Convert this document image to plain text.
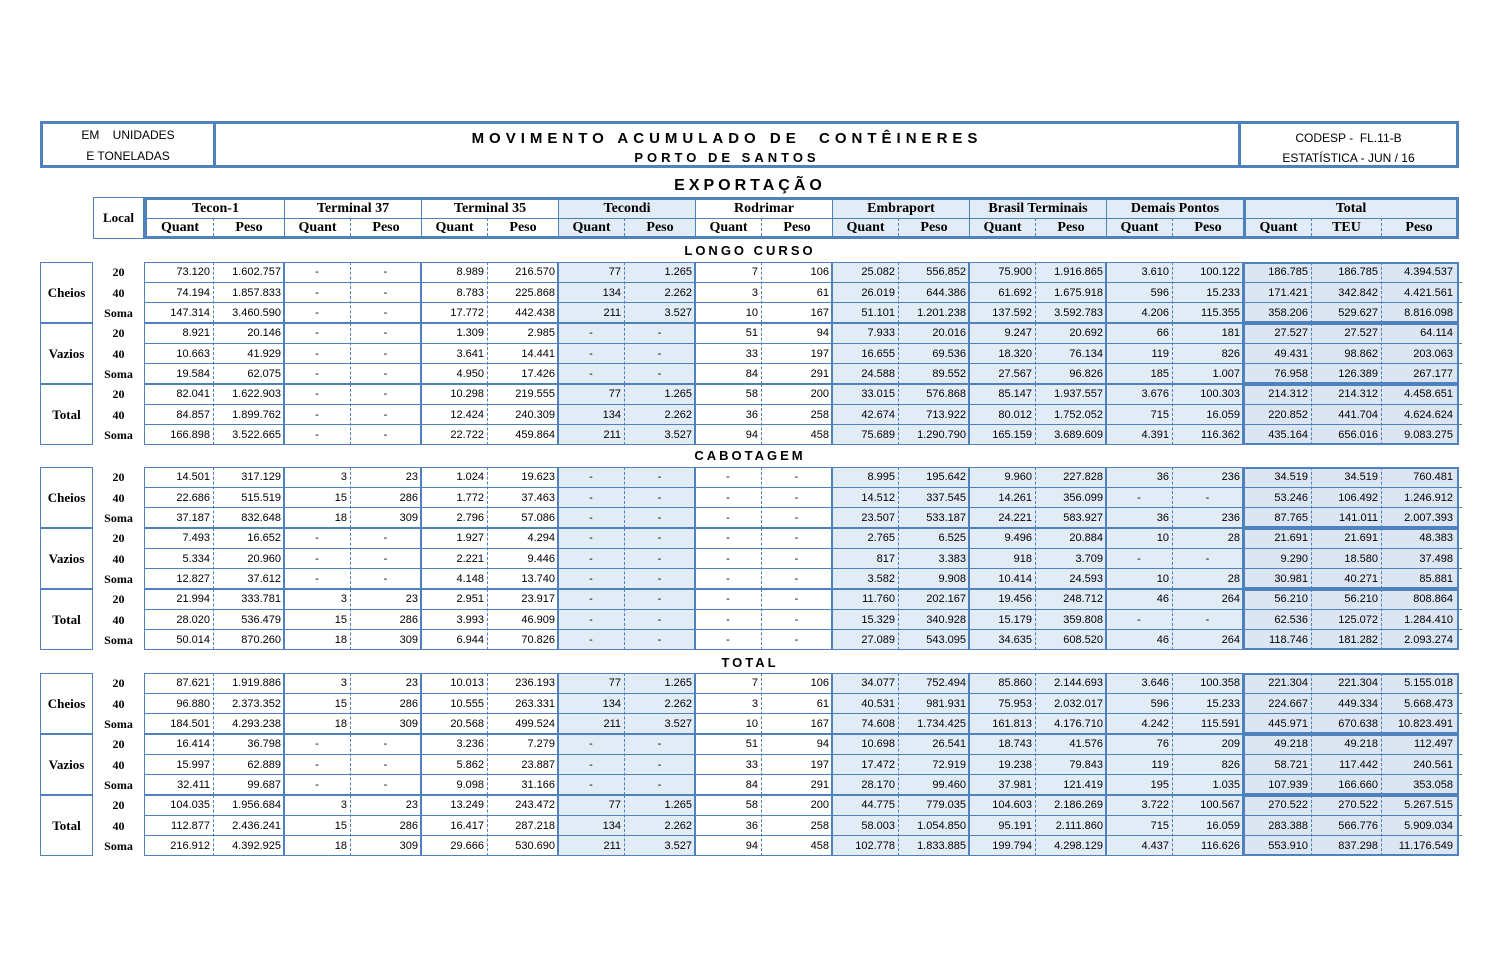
EM    UNIDADES
E TONELADAS
MOVIMENTO ACUMULADO DE  CONTÊINERES
PORTO DE SANTOS
CODESP -  FL.11-B
ESTATÍSTICA - JUN / 16
EXPORTAÇÃO
Local
Tecon-1	Terminal 37	Terminal 35	Tecondi	Rodrimar	Embraport	Brasil Terminais	Demais Pontos	Total
Quant	Peso	Quant	Peso	Quant	Peso	Quant	Peso	Quant	Peso	Quant	Peso	Quant	Peso	Quant	Peso	Quant	TEU	Peso
LONGO CURSO
Cheios
20	73.120	1.602.757	-	-	8.989	216.570	77	1.265	7	106	25.082	556.852	75.900	1.916.865	3.610	100.122	186.785	186.785	4.394.537
40	74.194	1.857.833	-	-	8.783	225.868	134	2.262	3	61	26.019	644.386	61.692	1.675.918	596	15.233	171.421	342.842	4.421.561
Soma	147.314	3.460.590	-	-	17.772	442.438	211	3.527	10	167	51.101	1.201.238	137.592	3.592.783	4.206	115.355	358.206	529.627	8.816.098
Vazios
20	8.921	20.146	-	-	1.309	2.985	-	-	51	94	7.933	20.016	9.247	20.692	66	181	27.527	27.527	64.114
40	10.663	41.929	-	-	3.641	14.441	-	-	33	197	16.655	69.536	18.320	76.134	119	826	49.431	98.862	203.063
Soma	19.584	62.075	-	-	4.950	17.426	-	-	84	291	24.588	89.552	27.567	96.826	185	1.007	76.958	126.389	267.177
Total
20	82.041	1.622.903	-	-	10.298	219.555	77	1.265	58	200	33.015	576.868	85.147	1.937.557	3.676	100.303	214.312	214.312	4.458.651
40	84.857	1.899.762	-	-	12.424	240.309	134	2.262	36	258	42.674	713.922	80.012	1.752.052	715	16.059	220.852	441.704	4.624.624
Soma	166.898	3.522.665	-	-	22.722	459.864	211	3.527	94	458	75.689	1.290.790	165.159	3.689.609	4.391	116.362	435.164	656.016	9.083.275
CABOTAGEM
Cheios
20	14.501	317.129	3	23	1.024	19.623	-	-	-	-	8.995	195.642	9.960	227.828	36	236	34.519	34.519	760.481
40	22.686	515.519	15	286	1.772	37.463	-	-	-	-	14.512	337.545	14.261	356.099	-	-	53.246	106.492	1.246.912
Soma	37.187	832.648	18	309	2.796	57.086	-	-	-	-	23.507	533.187	24.221	583.927	36	236	87.765	141.011	2.007.393
Vazios
20	7.493	16.652	-	-	1.927	4.294	-	-	-	-	2.765	6.525	9.496	20.884	10	28	21.691	21.691	48.383
40	5.334	20.960	-	-	2.221	9.446	-	-	-	-	817	3.383	918	3.709	-	-	9.290	18.580	37.498
Soma	12.827	37.612	-	-	4.148	13.740	-	-	-	-	3.582	9.908	10.414	24.593	10	28	30.981	40.271	85.881
Total
20	21.994	333.781	3	23	2.951	23.917	-	-	-	-	11.760	202.167	19.456	248.712	46	264	56.210	56.210	808.864
40	28.020	536.479	15	286	3.993	46.909	-	-	-	-	15.329	340.928	15.179	359.808	-	-	62.536	125.072	1.284.410
Soma	50.014	870.260	18	309	6.944	70.826	-	-	-	-	27.089	543.095	34.635	608.520	46	264	118.746	181.282	2.093.274
TOTAL
Cheios
20	87.621	1.919.886	3	23	10.013	236.193	77	1.265	7	106	34.077	752.494	85.860	2.144.693	3.646	100.358	221.304	221.304	5.155.018
40	96.880	2.373.352	15	286	10.555	263.331	134	2.262	3	61	40.531	981.931	75.953	2.032.017	596	15.233	224.667	449.334	5.668.473
Soma	184.501	4.293.238	18	309	20.568	499.524	211	3.527	10	167	74.608	1.734.425	161.813	4.176.710	4.242	115.591	445.971	670.638	10.823.491
Vazios
20	16.414	36.798	-	-	3.236	7.279	-	-	51	94	10.698	26.541	18.743	41.576	76	209	49.218	49.218	112.497
40	15.997	62.889	-	-	5.862	23.887	-	-	33	197	17.472	72.919	19.238	79.843	119	826	58.721	117.442	240.561
Soma	32.411	99.687	-	-	9.098	31.166	-	-	84	291	28.170	99.460	37.981	121.419	195	1.035	107.939	166.660	353.058
Total
20	104.035	1.956.684	3	23	13.249	243.472	77	1.265	58	200	44.775	779.035	104.603	2.186.269	3.722	100.567	270.522	270.522	5.267.515
40	112.877	2.436.241	15	286	16.417	287.218	134	2.262	36	258	58.003	1.054.850	95.191	2.111.860	715	16.059	283.388	566.776	5.909.034
Soma	216.912	4.392.925	18	309	29.666	530.690	211	3.527	94	458	102.778	1.833.885	199.794	4.298.129	4.437	116.626	553.910	837.298	11.176.549
